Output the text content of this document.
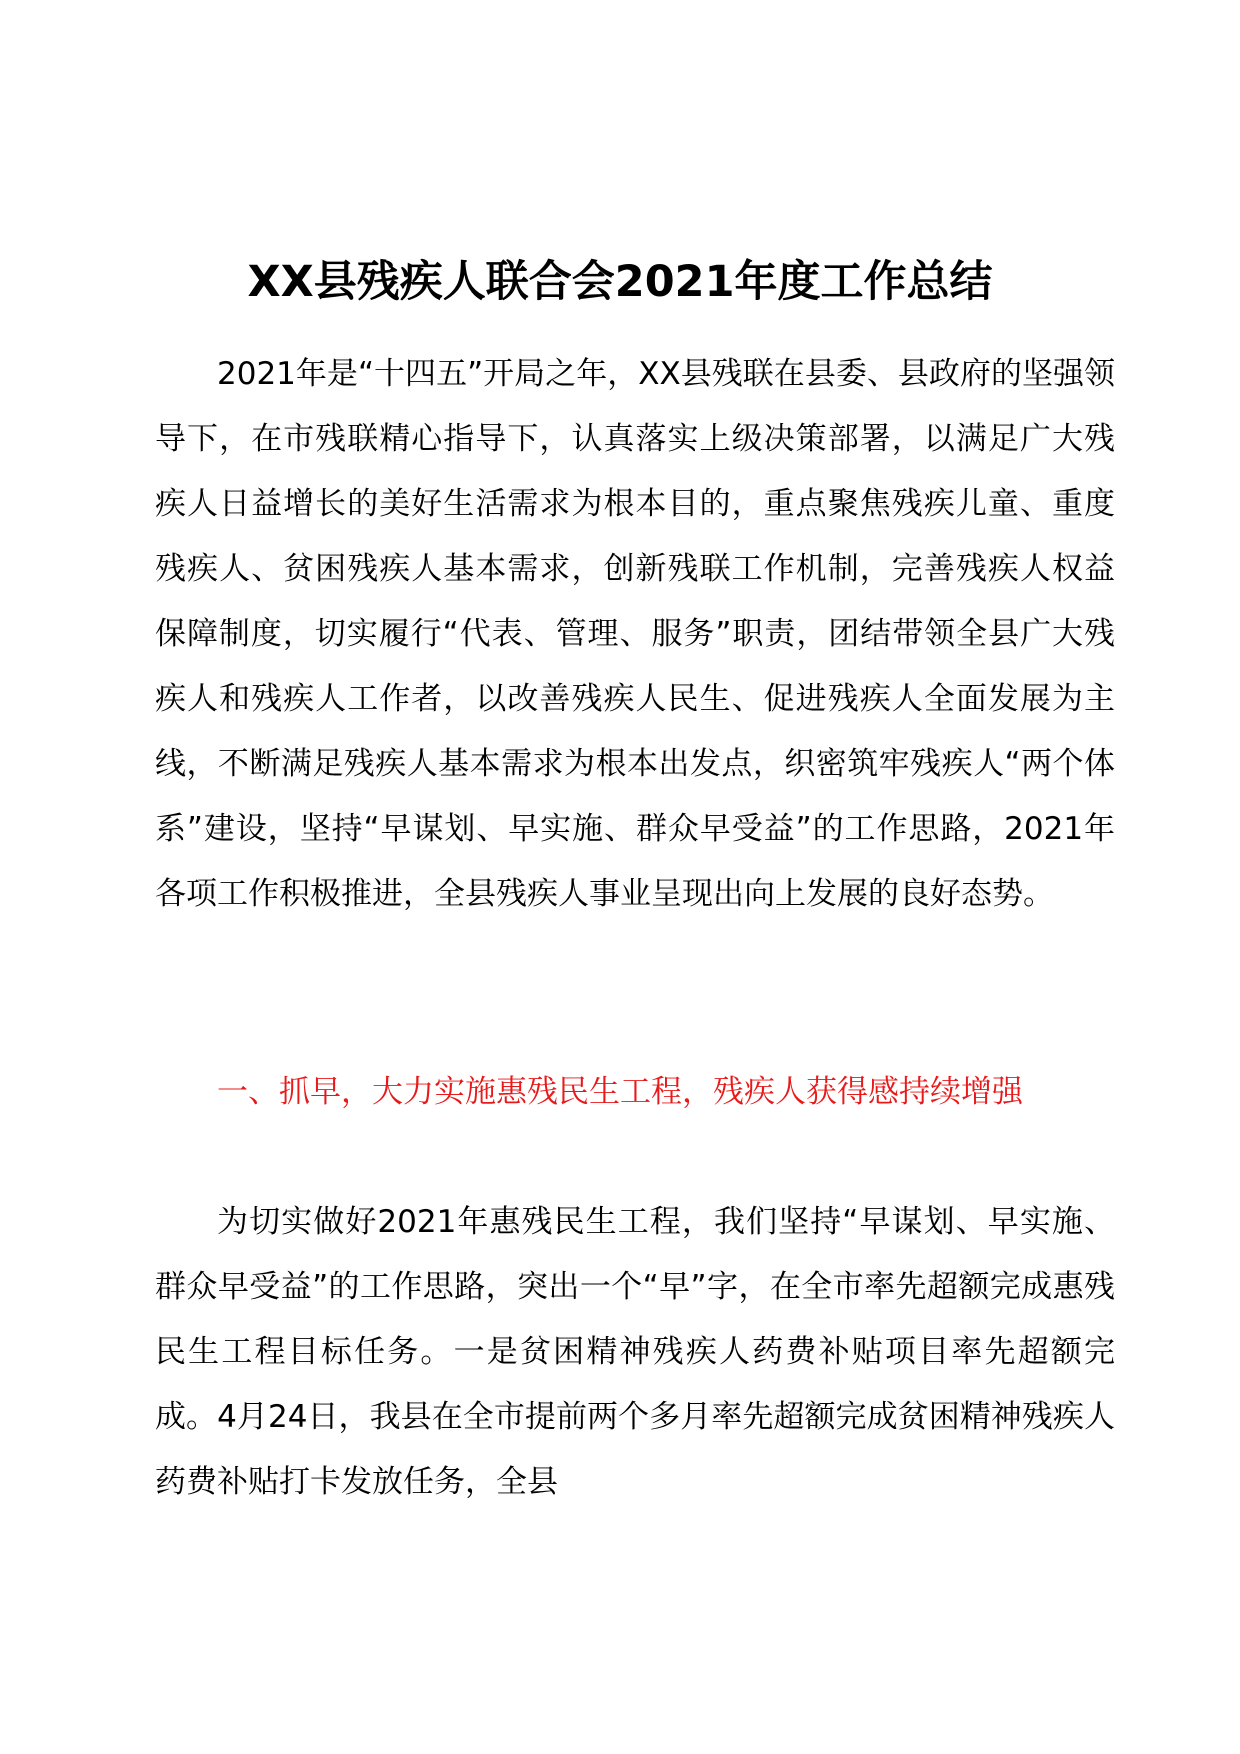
XX县残疾人联合会2021年度工作总结

2021年是“十四五”开局之年，XX县残联在县委、县政府的坚强领导下，在市残联精心指导下，认真落实上级决策部署，以满足广大残疾人日益增长的美好生活需求为根本目的，重点聚焦残疾儿童、重度残疾人、贫困残疾人基本需求，创新残联工作机制，完善残疾人权益保障制度，切实履行“代表、管理、服务”职责，团结带领全县广大残疾人和残疾人工作者，以改善残疾人民生、促进残疾人全面发展为主线，不断满足残疾人基本需求为根本出发点，织密筑牢残疾人“两个体系”建设，坚持“早谋划、早实施、群众早受益”的工作思路，2021年各项工作积极推进，全县残疾人事业呈现出向上发展的良好态势。

一、抓早，大力实施惠残民生工程，残疾人获得感持续增强

为切实做好2021年惠残民生工程，我们坚持“早谋划、早实施、群众早受益”的工作思路，突出一个“早”字，在全市率先超额完成惠残民生工程目标任务。一是贫困精神残疾人药费补贴项目率先超额完成。4月24日，我县在全市提前两个多月率先超额完成贫困精神残疾人药费补贴打卡发放任务，全县
